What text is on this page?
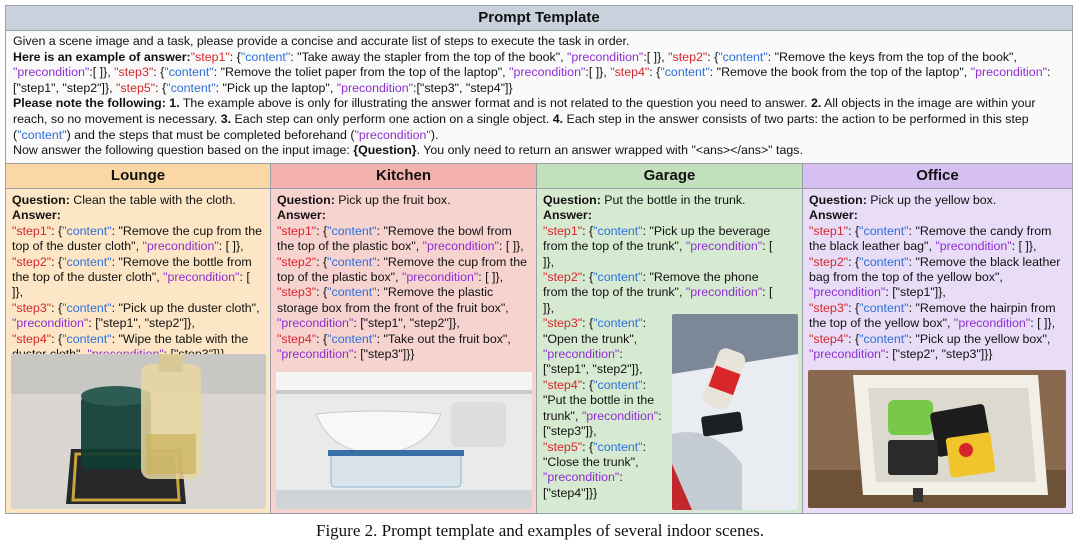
Prompt Template

Given a scene image and a task, please provide a concise and accurate list of steps to execute the task in order.

Here is an example of answer:"step1": {"content": "Take away the stapler from the top of the book", "precondition":[ ]}, "step2": {"content": "Remove the keys from the top of the book", "precondition":[ ]}, "step3": {"content": "Remove the toliet paper from the top of the laptop", "precondition":[ ]}, "step4": {"content": "Remove the book from the top of the laptop", "precondition":["step1", "step2"]}, "step5": {"content": "Pick up the laptop", "precondition":["step3", "step4"]}

Please note the following: 1. The example above is only for illustrating the answer format and is not related to the question you need to answer. 2. All objects in the image are within your reach, so no movement is necessary. 3. Each step can only perform one action on a single object. 4. Each step in the answer consists of two parts: the action to be performed in this step ("content") and the steps that must be completed beforehand ("precondition").

Now answer the following question based on the input image: {Question}. You only need to return an answer wrapped with "<ans></ans>" tags.

Lounge
Question: Clean the table with the cloth.
Answer:
"step1": {"content": "Remove the cup from the top of the duster cloth", "precondition": [ ]},
"step2": {"content": "Remove the bottle from the top of the duster cloth", "precondition": [ ]},
"step3": {"content": "Pick up the duster cloth", "precondition": ["step1", "step2"]},
"step4": {"content": "Wipe the table with the
Kitchen
Question: Pick up the fruit box.
Answer:
"step1": {"content": "Remove the bowl from the top of the plastic box", "precondition": [ ]},
"step2": {"content": "Remove the cup from the top of the plastic box", "precondition": [ ]},
"step3": {"content": "Remove the plastic storage box from the front of the fruit box", "precondition": ["step1", "step2"]},
"step4": {"content": "Take out the fruit box", "precondition": ["step3"]}}
Garage
Question: Put the bottle in the trunk.
Answer:
"step1": {"content": "Pick up the beverage from the top of the trunk", "precondition": [ ]},
"step2": {"content": "Remove the phone from the top of the trunk", "precondition": [ ]},
"step3": {"content": "Open the trunk", "precondition": ["step1", "step2"]},
"step4": {"content": "Put the bottle in the trunk", "precondition": ["step3"]},
"step5": {"content": "Close the trunk", "precondition": ["step4"]}}
Office
Question: Pick up the yellow box.
Answer:
"step1": {"content": "Remove the candy from the black leather bag", "precondition": [ ]},
"step2": {"content": "Remove the black leather bag from the top of the yellow box", "precondition": ["step1"]},
"step3": {"content": "Remove the hairpin from the top of the yellow box", "precondition": [ ]},
"step4": {"content": "Pick up the yellow box", "precondition": ["step2", "step3"]}}
Figure 2. Prompt template and examples of several indoor scenes.
